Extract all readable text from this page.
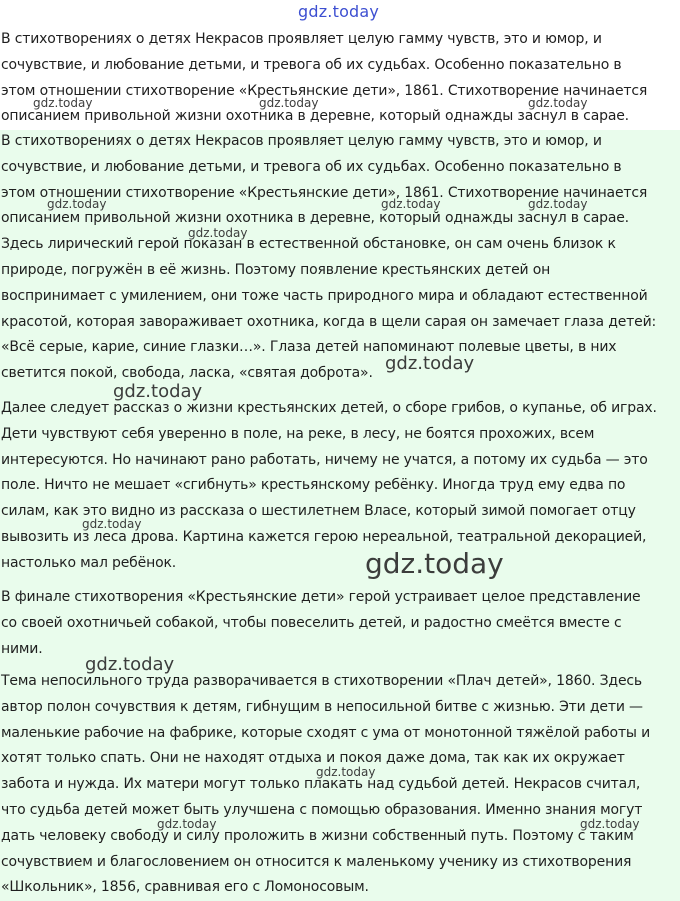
gdz.today
В стихотворениях о детях Некрасов проявляет целую гамму чувств, это и юмор, и
сочувствие, и любование детьми, и тревога об их судьбах. Особенно показательно в
этом отношении стихотворение «Крестьянские дети», 1861. Стихотворение начинается
описанием привольной жизни охотника в деревне, который однажды заснул в сарае.
В стихотворениях о детях Некрасов проявляет целую гамму чувств, это и юмор, и
сочувствие, и любование детьми, и тревога об их судьбах. Особенно показательно в
этом отношении стихотворение «Крестьянские дети», 1861. Стихотворение начинается
описанием привольной жизни охотника в деревне, который однажды заснул в сарае.
Здесь лирический герой показан в естественной обстановке, он сам очень близок к
природе, погружён в её жизнь. Поэтому появление крестьянских детей он
воспринимает с умилением, они тоже часть природного мира и обладают естественной
красотой, которая завораживает охотника, когда в щели сарая он замечает глаза детей:
«Всё серые, карие, синие глазки…». Глаза детей напоминают полевые цветы, в них
светится покой, свобода, ласка, «святая доброта».
Далее следует рассказ о жизни крестьянских детей, о сборе грибов, о купанье, об играх.
Дети чувствуют себя уверенно в поле, на реке, в лесу, не боятся прохожих, всем
интересуются. Но начинают рано работать, ничему не учатся, а потому их судьба — это
поле. Ничто не мешает «сгибнуть» крестьянскому ребёнку. Иногда труд ему едва по
силам, как это видно из рассказа о шестилетнем Власе, который зимой помогает отцу
вывозить из леса дрова. Картина кажется герою нереальной, театральной декорацией,
настолько мал ребёнок.
В финале стихотворения «Крестьянские дети» герой устраивает целое представление
со своей охотничьей собакой, чтобы повеселить детей, и радостно смеётся вместе с
ними.
Тема непосильного труда разворачивается в стихотворении «Плач детей», 1860. Здесь
автор полон сочувствия к детям, гибнущим в непосильной битве с жизнью. Эти дети —
маленькие рабочие на фабрике, которые сходят с ума от монотонной тяжёлой работы и
хотят только спать. Они не находят отдыха и покоя даже дома, так как их окружает
забота и нужда. Их матери могут только плакать над судьбой детей. Некрасов считал,
что судьба детей может быть улучшена с помощью образования. Именно знания могут
дать человеку свободу и силу проложить в жизни собственный путь. Поэтому с таким
сочувствием и благословением он относится к маленькому ученику из стихотворения
«Школьник», 1856, сравнивая его с Ломоносовым.
gdz.today	gdz.today	gdz.today
gdz.today	gdz.today	gdz.today
gdz.today
gdz.today
gdz.today
gdz.today
gdz.today
gdz.today
gdz.today
gdz.today	gdz.today
